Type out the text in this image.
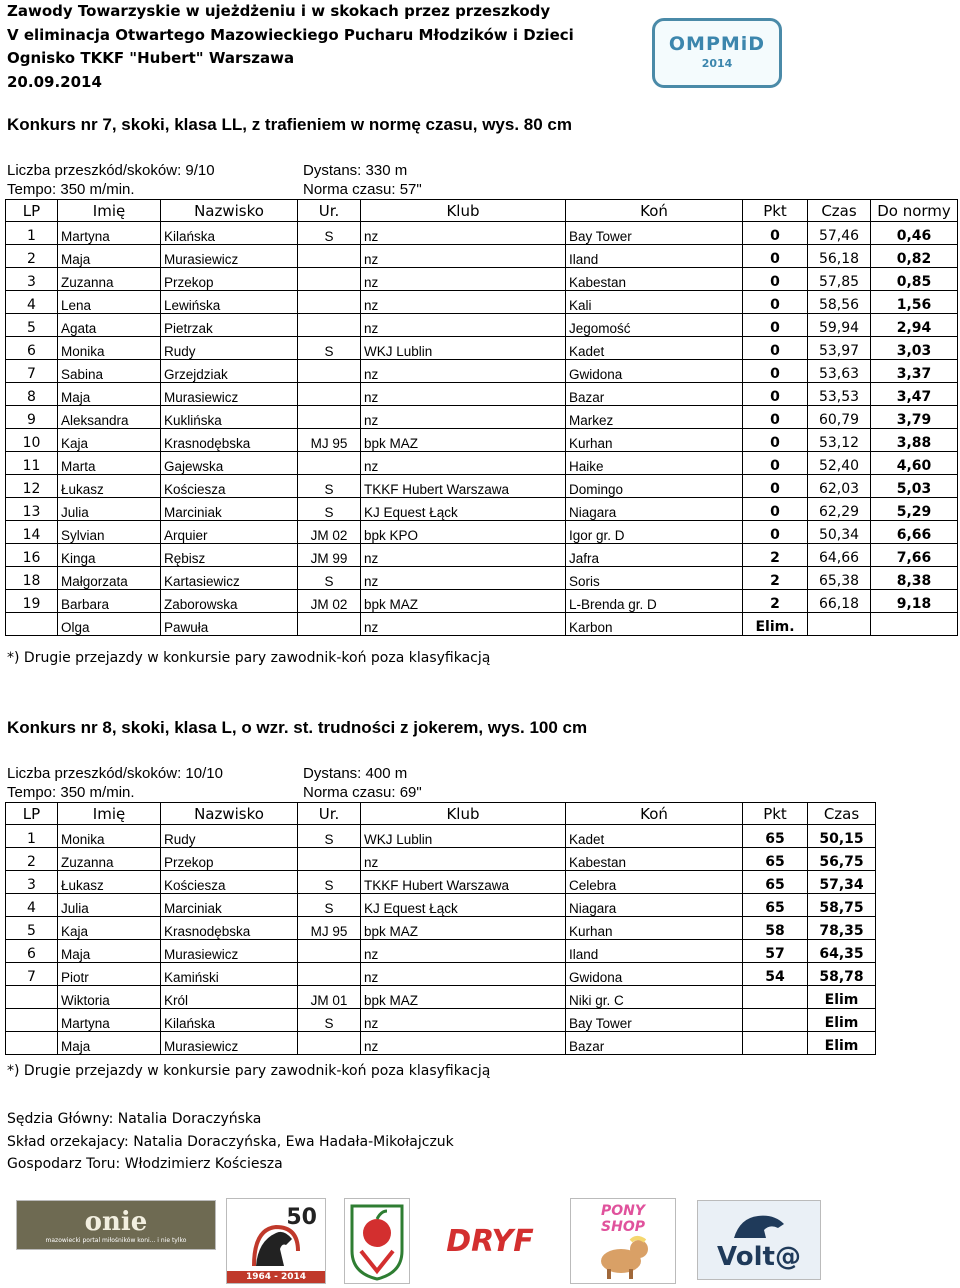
Zawody Towarzyskie w ujeżdżeniu i w skokach przez przeszkody
V eliminacja Otwartego Mazowieckiego Pucharu Młodzików i Dzieci
Ognisko TKKF "Hubert" Warszawa
20.09.2014
OMPMiD
2014
Konkurs nr 7, skoki, klasa LL, z trafieniem w normę czasu, wys. 80 cm
Liczba przeszkód/skoków: 9/10
Tempo: 350 m/min.
Dystans: 330 m
Norma czasu: 57"
LP	Imię	Nazwisko	Ur.	Klub	Koń	Pkt	Czas	Do normy
1	Martyna	Kilańska	S	nz	Bay Tower	0	57,46	0,46
2	Maja	Murasiewicz		nz	Iland	0	56,18	0,82
3	Zuzanna	Przekop		nz	Kabestan	0	57,85	0,85
4	Lena	Lewińska		nz	Kali	0	58,56	1,56
5	Agata	Pietrzak		nz	Jegomość	0	59,94	2,94
6	Monika	Rudy	S	WKJ Lublin	Kadet	0	53,97	3,03
7	Sabina	Grzejdziak		nz	Gwidona	0	53,63	3,37
8	Maja	Murasiewicz		nz	Bazar	0	53,53	3,47
9	Aleksandra	Kuklińska		nz	Markez	0	60,79	3,79
10	Kaja	Krasnodębska	MJ 95	bpk MAZ	Kurhan	0	53,12	3,88
11	Marta	Gajewska		nz	Haike	0	52,40	4,60
12	Łukasz	Kościesza	S	TKKF Hubert Warszawa	Domingo	0	62,03	5,03
13	Julia	Marciniak	S	KJ Equest Łąck	Niagara	0	62,29	5,29
14	Sylvian	Arquier	JM 02	bpk KPO	Igor gr. D	0	50,34	6,66
16	Kinga	Rębisz	JM 99	nz	Jafra	2	64,66	7,66
18	Małgorzata	Kartasiewicz	S	nz	Soris	2	65,38	8,38
19	Barbara	Zaborowska	JM 02	bpk MAZ	L-Brenda gr. D	2	66,18	9,18
	Olga	Pawuła		nz	Karbon	Elim.		
*) Drugie przejazdy w konkursie pary zawodnik-koń poza klasyfikacją
Konkurs nr 8, skoki, klasa L, o wzr. st. trudności z jokerem, wys. 100 cm
Liczba przeszkód/skoków: 10/10
Tempo: 350 m/min.
Dystans: 400 m
Norma czasu: 69"
LP	Imię	Nazwisko	Ur.	Klub	Koń	Pkt	Czas
1	Monika	Rudy	S	WKJ Lublin	Kadet	65	50,15
2	Zuzanna	Przekop		nz	Kabestan	65	56,75
3	Łukasz	Kościesza	S	TKKF Hubert Warszawa	Celebra	65	57,34
4	Julia	Marciniak	S	KJ Equest Łąck	Niagara	65	58,75
5	Kaja	Krasnodębska	MJ 95	bpk MAZ	Kurhan	58	78,35
6	Maja	Murasiewicz		nz	Iland	57	64,35
7	Piotr	Kamiński		nz	Gwidona	54	58,78
	Wiktoria	Król	JM 01	bpk MAZ	Niki gr. C		Elim
	Martyna	Kilańska	S	nz	Bay Tower		Elim
	Maja	Murasiewicz		nz	Bazar		Elim
*) Drugie przejazdy w konkursie pary zawodnik-koń poza klasyfikacją
Sędzia Główny: Natalia Doraczyńska
Skład orzekajacy: Natalia Doraczyńska, Ewa Hadała-Mikołajczuk
Gospodarz Toru: Włodzimierz Kościesza
onie
mazowiecki portal miłośników koni... i nie tylko
50
1964 - 2014
DRYF
PONY SHOP
Volt@
